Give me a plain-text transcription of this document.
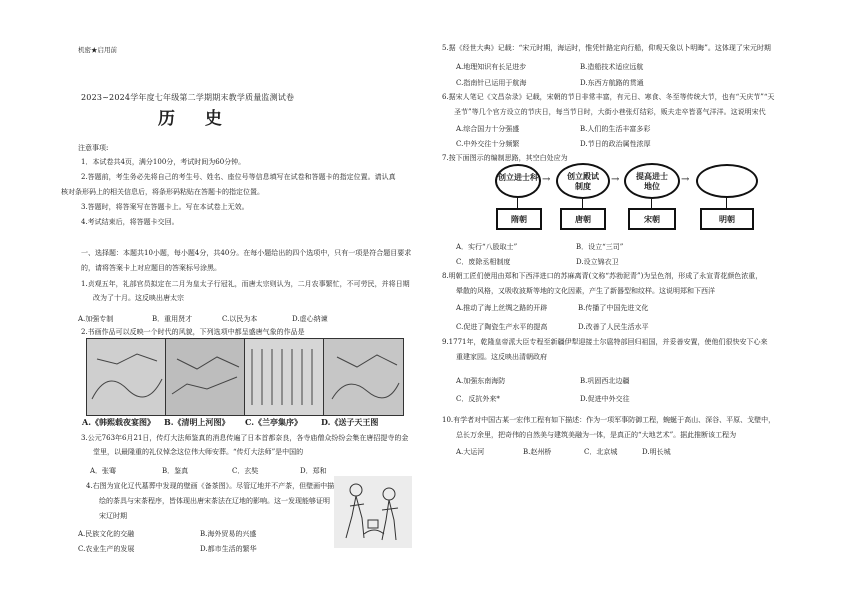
机密★启用前
2023~2024学年度七年级第二学期期末教学质量监测试卷
历 史
注意事项:
1．本试卷共4页，满分100分，考试时间为60分钟。
2.答题前，考生务必先将自己的考生号、姓名、座位号等信息填写在试卷和答题卡的指定位置。请认真
核对条形码上的相关信息后，将条形码粘贴在答题卡的指定位置。
3.答题时，将答案写在答题卡上。写在本试卷上无效。
4.考试结束后，将答题卡交回。
一、选择题：本题共10小题，每小题4分，共40分。在每小题给出的四个选项中，只有一项是符合题目要求
的，请将答案卡上对应题目的答案标号涂黑。
1.贞观五年，礼部官员拟定在二月为皇太子行冠礼，而唐太宗则认为，二月农事繁忙，不可劳民，并将日期
改为了十月。这反映出唐太宗
A.加强专制	B．重用贤才	C.以民为本	D.虚心纳谏
2.书画作品可以反映一个时代的风貌，下列选项中都呈盛唐气象的作品是
A.《韩熙载夜宴图》 B.《清明上河图》 C.《兰亭集序》 D.《送子天王图
3.公元763年6月21日，传灯大法师鉴真的消息传遍了日本首都奈良，各寺庙僧众纷纷会集在唐招提寺的金
堂里，以最隆重的礼仪悼念这位伟大师安葬。“传灯大法师”是中国的
A．张骞	B．鉴真	C．玄奘	D．郑和
4.右图为宣化辽代墓葬中发现的壁画《备茶图》。尽管辽地并不产茶，但壁画中描
绘的茶具与宋茶程序，皆体现出唐宋茶法在辽地的影响。这一发现能够证明
宋辽时期
A.民族文化的交融	B.海外贸易的兴盛
C.农业生产的发展	D.都市生活的繁华
5.据《经世大典》记载：“宋元时期，海运时，惟凭针路定向行船，仰观天象以卜明晦”。这体现了宋元时期
A.地理知识有长足进步	B.造船技术适应远航
C.指南针已运用于航海	D.东西方航路的贯通
6.据宋人笔记《文昌杂录》记载，宋朝的节日非常丰富，有元日、寒食、冬至等传统大节，也有“天庆节”“天
圣节”等几个官方设立的节庆日，每当节日时，大街小巷张灯结彩，贩夫走卒皆喜气洋洋。这说明宋代
A.综合国力十分强盛	B.人们的生活丰富多彩
C.中外交往十分频繁	D.节日的政治属性浓厚
7.按下面图示的编制思路，其空白处应为
创立进士科 →	创立殿试制度
→	提高进士地位
→
隋朝	唐朝	宋朝	明朝
A．实行“八股取士”	B．设立“三司”
C．废除丞相制度	D.设立锦衣卫
8.明朝工匠们使用由郑和下西洋进口的苏麻离青(文称“苏勃泥青”)为呈色剂，形成了永宣青花颜色浓重，
晕散的风格，又吸收波斯等地的文化因素，产生了新器型和纹样。这说明郑和下西洋
A.推动了海上丝绸之路的开辟	B.传播了中国先进文化
C.促进了陶瓷生产水平的提高	D.改善了人民生活水平
9.1771年，乾隆皇帝派大臣专程至新疆伊犁迎接土尔扈特部回归祖国，并妥善安置，使他们很快安下心来
重建家园。这反映出清朝政府
A.加强东南海防	B.巩固西北边疆
C．反抗外来*	D.促进中外交往
10.有学者对中国古某一宏伟工程有如下描述：作为一项军事防御工程，蜿蜒于高山、深谷、平原、戈壁中，
总长万余里，把奇伟的自然美与建筑美融为一体，是真正的“大地艺术”。据此推断该工程为
A.大运河	B.赵州桥	C．北京城	D.明长城
